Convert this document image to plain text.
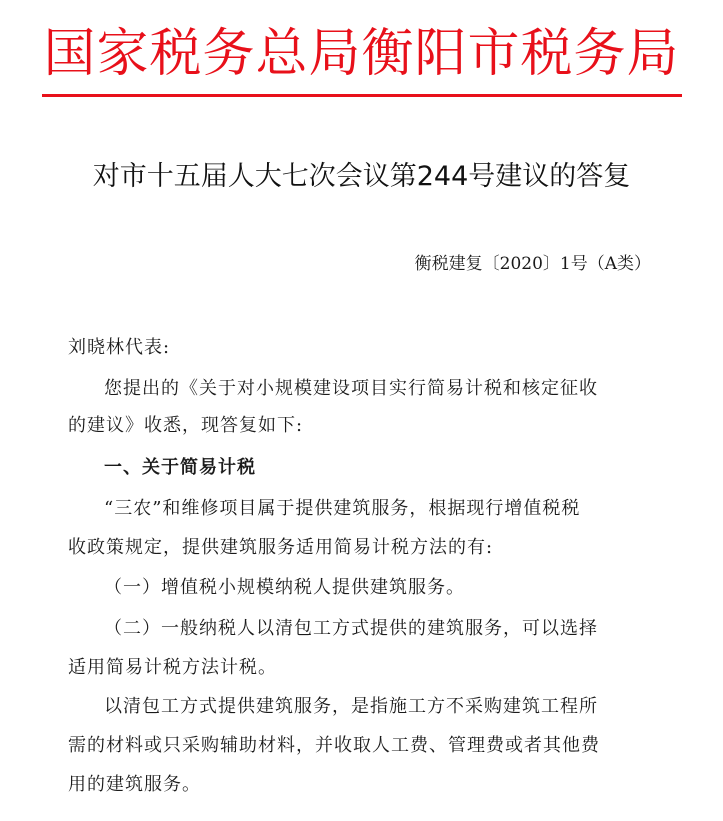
国家税务总局衡阳市税务局
对市十五届人大七次会议第244号建议的答复
衡税建复〔2020〕1号（A类）
刘晓林代表:
您提出的《关于对小规模建设项目实行简易计税和核定征收
的建议》收悉，现答复如下:
一、关于简易计税
“三农”和维修项目属于提供建筑服务，根据现行增值税税
收政策规定，提供建筑服务适用简易计税方法的有:
（一）增值税小规模纳税人提供建筑服务。
（二）一般纳税人以清包工方式提供的建筑服务，可以选择
适用简易计税方法计税。
以清包工方式提供建筑服务，是指施工方不采购建筑工程所
需的材料或只采购辅助材料，并收取人工费、管理费或者其他费
用的建筑服务。
